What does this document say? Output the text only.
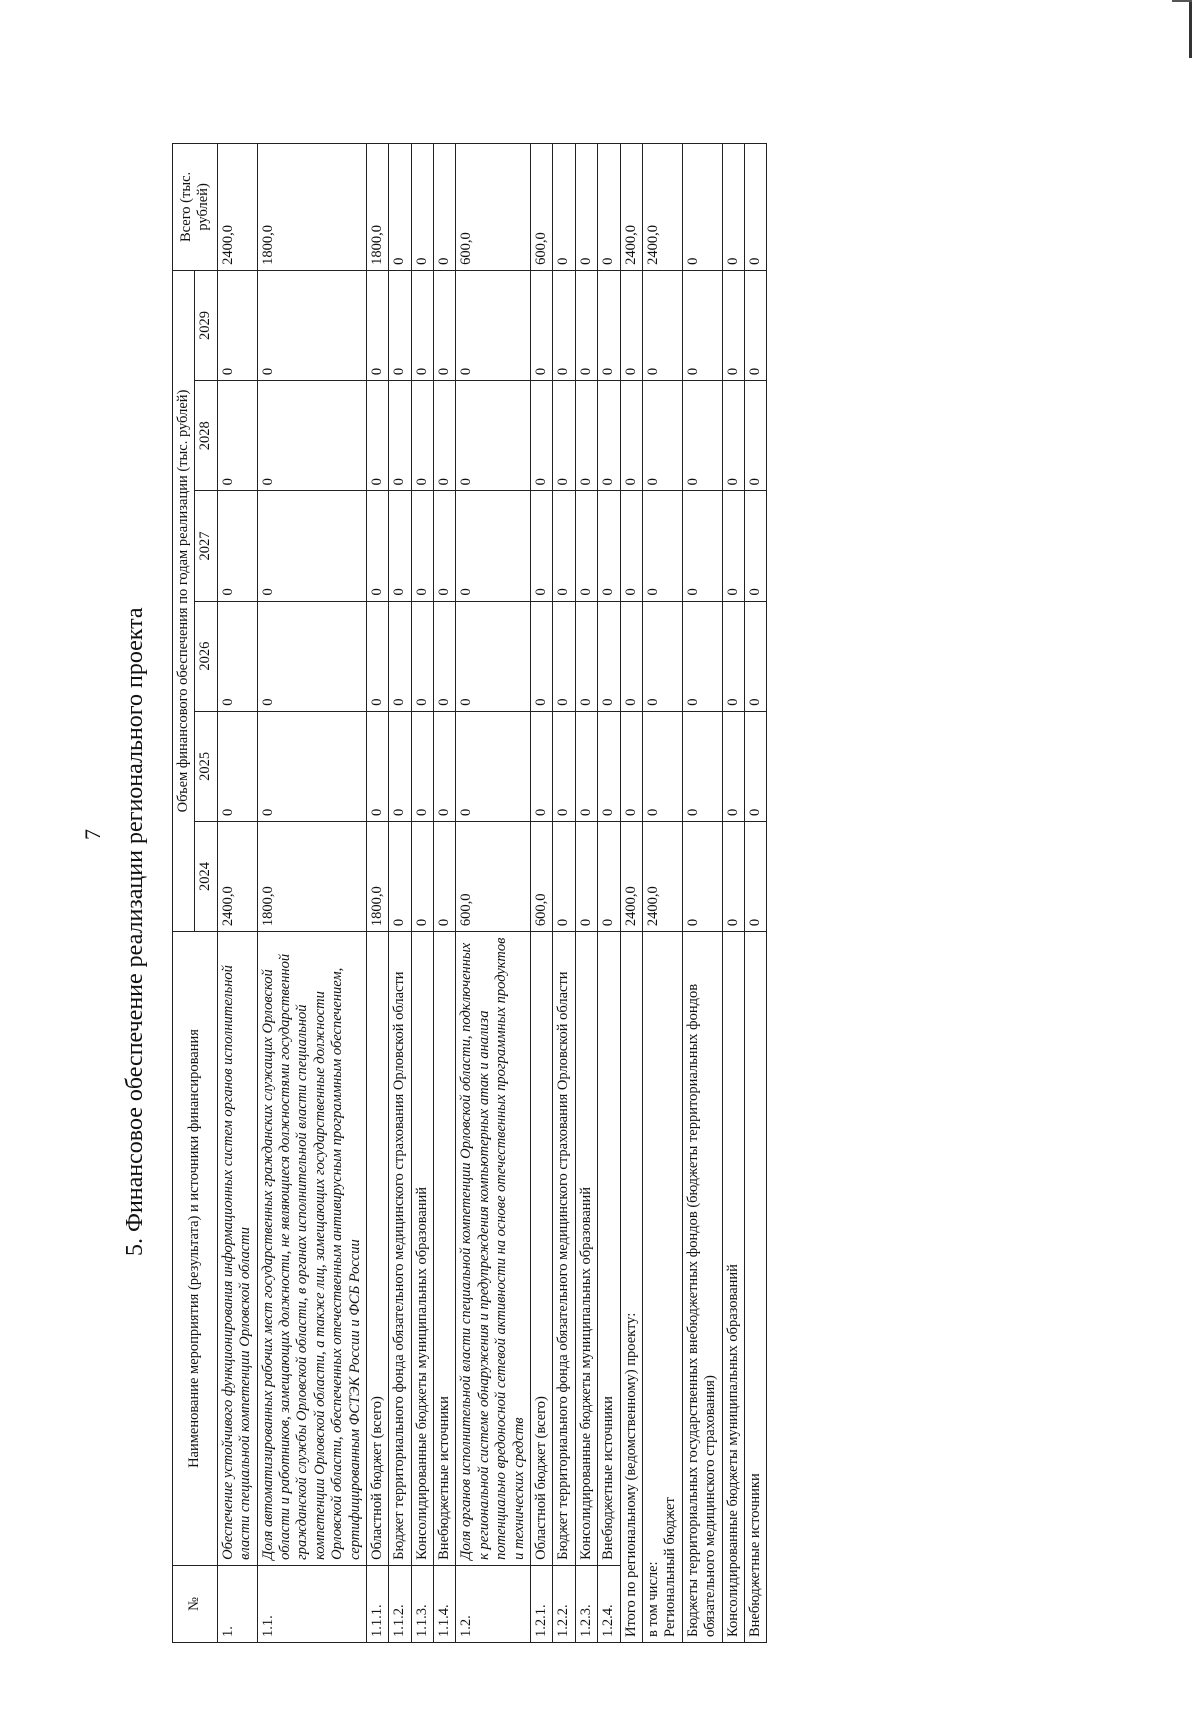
7 5. Финансовое обеспечение реализации регионального проекта
№	Наименование мероприятия (результата) и источники финансирования	Объем финансового обеспечения по годам реализации (тыс. рублей)						Всего (тыс. рублей)
		2024	2025	2026	2027	2028	2029	
1.	Обеспечение устойчивого функционирования информационных систем органов исполнительной власти специальной компетенции Орловской области	2400,0	0	0	0	0	0	2400,0
1.1.	Доля автоматизированных рабочих мест государственных гражданских служащих Орловской области и работников, замещающих должности, не являющиеся должностями государственной гражданской службы Орловской области, в органах исполнительной власти специальной компетенции Орловской области, а также лиц, замещающих государственные должности Орловской области, обеспеченных отечественным антивирусным программным обеспечением, сертифицированным ФСТЭК России и ФСБ России	1800,0	0	0	0	0	0	1800,0
1.1.1.	Областной бюджет (всего)	1800,0	0	0	0	0	0	1800,0
1.1.2.	Бюджет территориального фонда обязательного медицинского страхования Орловской области	0	0	0	0	0	0	0
1.1.3.	Консолидированные бюджеты муниципальных образований	0	0	0	0	0	0	0
1.1.4.	Внебюджетные источники	0	0	0	0	0	0	0
1.2.	Доля органов исполнительной власти специальной компетенции Орловской области, подключенных к региональной системе обнаружения и предупреждения компьютерных атак и анализа потенциально вредоносной сетевой активности на основе отечественных программных продуктов и технических средств	600,0	0	0	0	0	0	600,0
1.2.1.	Областной бюджет (всего)	600,0	0	0	0	0	0	600,0
1.2.2.	Бюджет территориального фонда обязательного медицинского страхования Орловской области	0	0	0	0	0	0	0
1.2.3.	Консолидированные бюджеты муниципальных образований	0	0	0	0	0	0	0
1.2.4.	Внебюджетные источники	0	0	0	0	0	0	0
Итого по региональному (ведомственному) проекту:		2400,0	0	0	0	0	0	2400,0

в том числе: Региональный бюджет		2400,0	0	0	0	0	0	2400,0
Бюджеты территориальных государственных внебюджетных фондов (бюджеты территориальных фондов обязательного медицинского страхования)		0	0	0	0	0	0	0
Консолидированные бюджеты муниципальных образований		0	0	0	0	0	0	0
Внебюджетные источники		0	0	0	0	0	0	0
